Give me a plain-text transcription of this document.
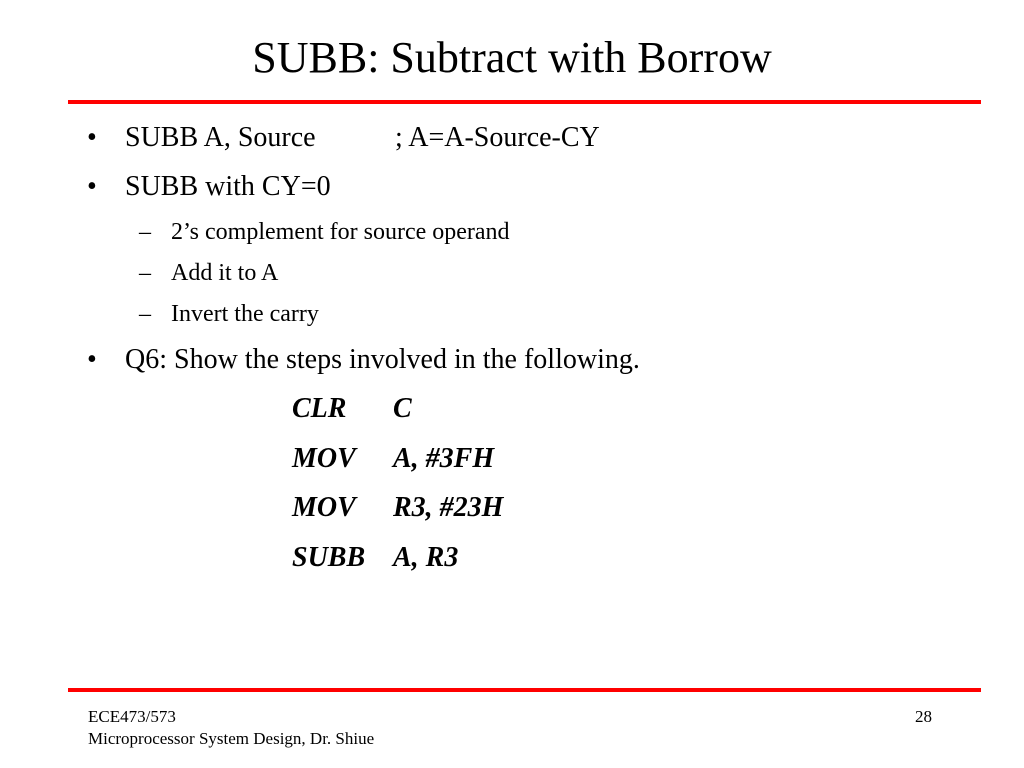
SUBB: Subtract with Borrow
• SUBB A, Source	; A=A-Source-CY
• SUBB with CY=0
– 2’s complement for source operand
– Add it to A
– Invert the carry
• Q6: Show the steps involved in the following.
CLR C
MOV A, #3FH
MOV R3, #23H
SUBB A, R3
ECE473/573
Microprocessor System Design, Dr. Shiue
28
